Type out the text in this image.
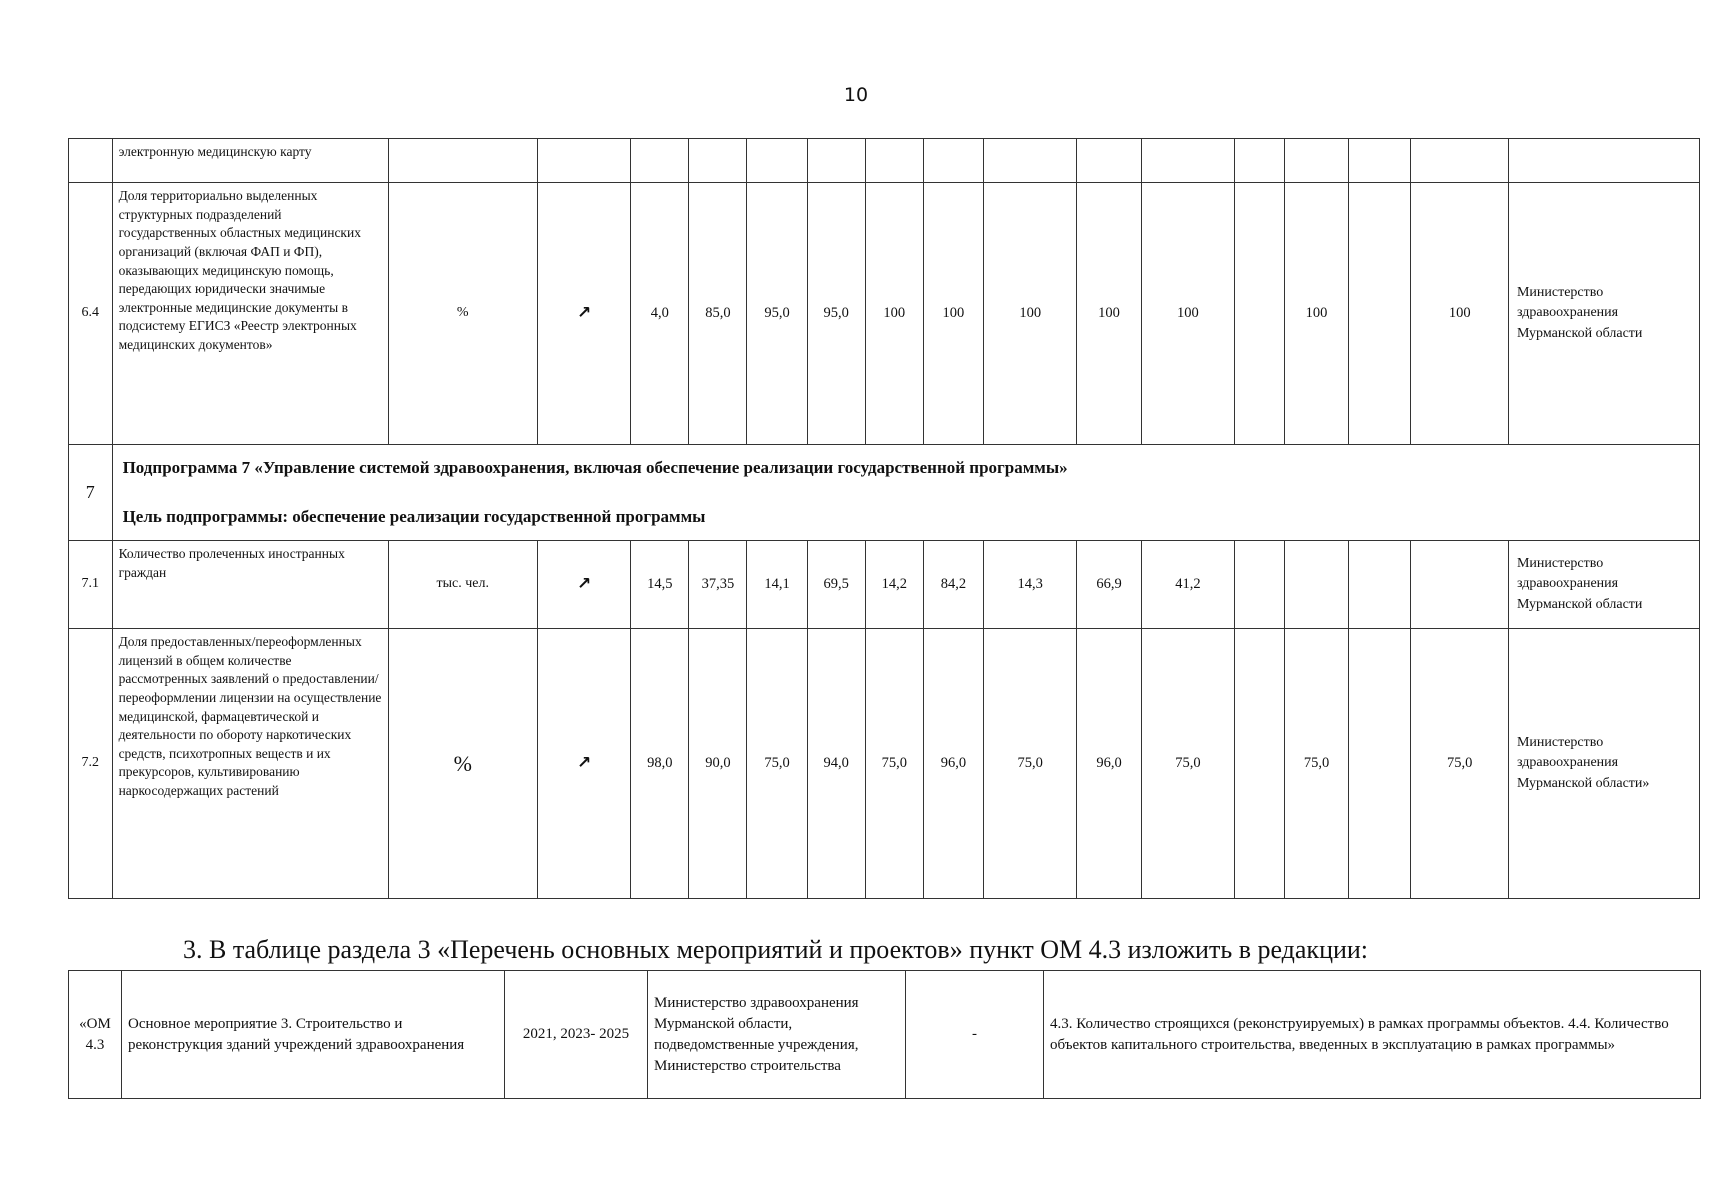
10
	электронную медицинскую карту																
6.4	Доля территориально выделенных структурных подразделений государственных областных медицинских организаций (включая ФАП и ФП), оказывающих медицинскую помощь, передающих юридически значимые электронные медицинские документы в подсистему ЕГИСЗ «Реестр электронных медицинских документов»	%	↗	4,0	85,0	95,0	95,0	100	100	100	100	100		100		100	Министерство здравоохранения Мурманской области
7	Подпрограмма 7 «Управление системой здравоохранения, включая обеспечение реализации государственной программы»
Цель подпрограммы: обеспечение реализации государственной программы																

7.1	Количество пролеченных иностранных граждан	тыс. чел.	↗	14,5	37,35	14,1	69,5	14,2	84,2	14,3	66,9	41,2					Министерство здравоохранения Мурманской области
7.2	Доля предоставленных/переоформленных лицензий в общем количестве рассмотренных заявлений о предоставлении/переоформлении лицензии на осуществление медицинской, фармацевтической и деятельности по обороту наркотических средств, психотропных веществ и их прекурсоров, культивированию наркосодержащих растений	%	↗	98,0	90,0	75,0	94,0	75,0	96,0	75,0	96,0	75,0		75,0		75,0	Министерство здравоохранения Мурманской области»
3. В таблице раздела 3 «Перечень основных мероприятий и проектов» пункт ОМ 4.3 изложить в редакции:
«ОМ 4.3	Основное мероприятие 3. Строительство и реконструкция зданий учреждений здравоохранения	2021, 2023- 2025	Министерство здравоохранения Мурманской области, подведомственные учреждения, Министерство строительства	-	4.3. Количество строящихся (реконструируемых) в рамках программы объектов. 4.4. Количество объектов капитального строительства, введенных в эксплуатацию в рамках программы»
